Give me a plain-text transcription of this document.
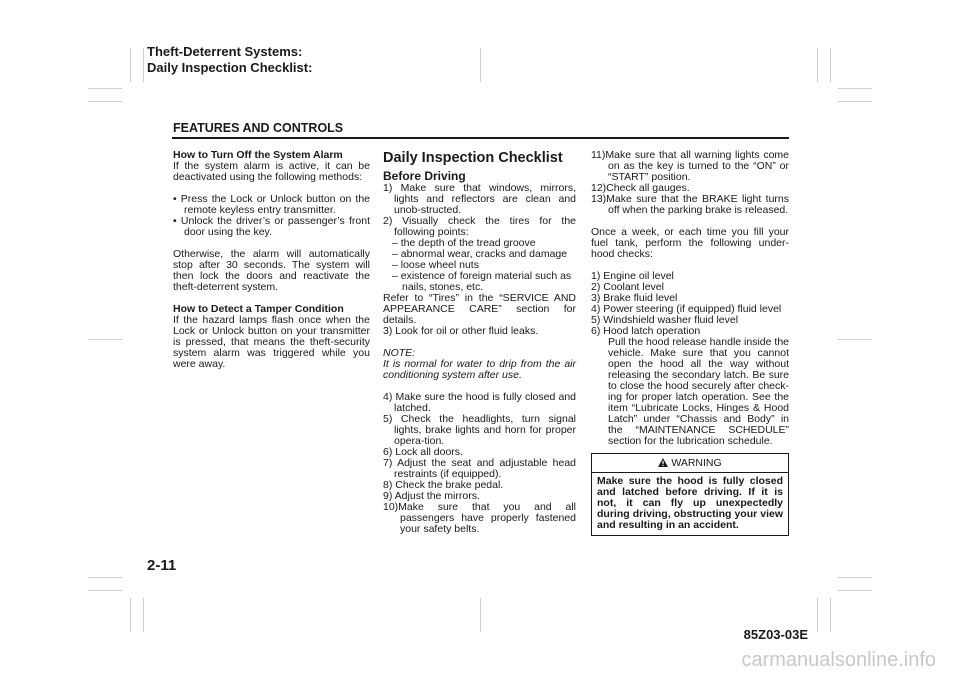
Theft-Deterrent Systems:
Daily Inspection Checklist:
FEATURES AND CONTROLS
How to Turn Off the System Alarm

If the system alarm is active, it can be deactivated using the following methods:

• Press the Lock or Unlock button on the remote keyless entry transmitter.
• Unlock the driver’s or passenger’s front door using the key.

Otherwise, the alarm will automatically stop after 30 seconds. The system will then lock the doors and reactivate the theft-deterrent system.

How to Detect a Tamper Condition

If the hazard lamps flash once when the Lock or Unlock button on your transmitter is pressed, that means the theft-security system alarm was triggered while you were away.

Daily Inspection Checklist
Before Driving
1) Make sure that windows, mirrors, lights and reflectors are clean and unob-structed.
2) Visually check the tires for the following points:
– the depth of the tread groove
– abnormal wear, cracks and damage
– loose wheel nuts
– existence of foreign material such as nails, stones, etc.
Refer to “Tires” in the “SERVICE AND APPEARANCE CARE” section for details.
3) Look for oil or other fluid leaks.
NOTE:
It is normal for water to drip from the air conditioning system after use.
4) Make sure the hood is fully closed and latched.
5) Check the headlights, turn signal lights, brake lights and horn for proper opera-tion.
6) Lock all doors.
7) Adjust the seat and adjustable head restraints (if equipped).
8) Check the brake pedal.
9) Adjust the mirrors.
10)Make sure that you and all passengers have properly fastened your safety belts.
11)Make sure that all warning lights come on as the key is turned to the “ON” or “START” position.
12)Check all gauges.
13)Make sure that the BRAKE light turns off when the parking brake is released.
Once a week, or each time you fill your fuel tank, perform the following under-hood checks:
1) Engine oil level
2) Coolant level
3) Brake fluid level
4) Power steering (if equipped) fluid level
5) Windshield washer fluid level
6) Hood latch operation
Pull the hood release handle inside the vehicle. Make sure that you cannot open the hood all the way without releasing the secondary latch. Be sure to close the hood securely after check-ing for proper latch operation. See the item “Lubricate Locks, Hinges & Hood Latch” under “Chassis and Body” in the “MAINTENANCE SCHEDULE” section for the lubrication schedule.
WARNING
Make sure the hood is fully closed and latched before driving. If it is not, it can fly up unexpectedly during driving, obstructing your view and resulting in an accident.
2-11
85Z03-03E
carmanualsonline.info
